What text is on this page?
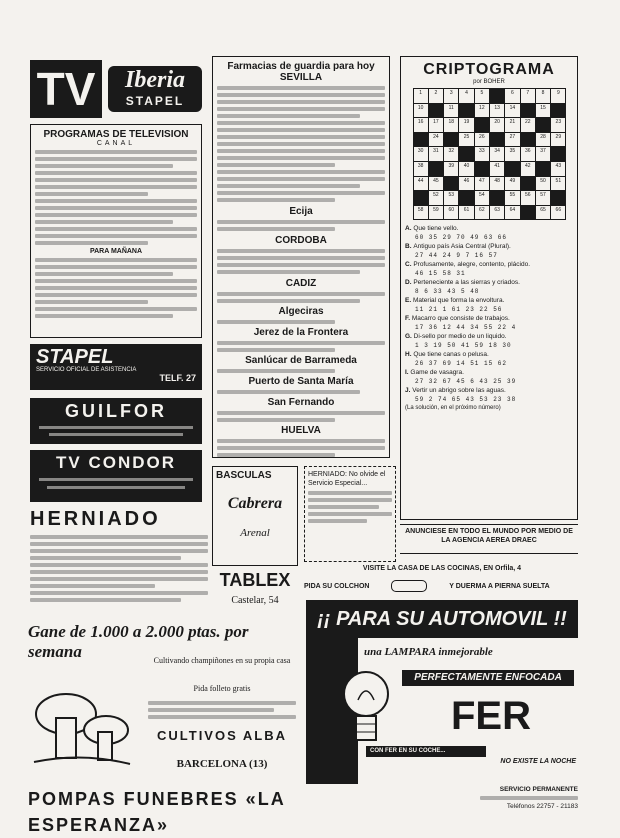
TV	Iberia
STAPEL
PROGRAMAS DE TELEVISION
CANAL
PARA MAÑANA
STAPEL
SERVICIO OFICIAL DE ASISTENCIA
TELF. 27
GUILFOR
TV CONDOR
HERNIADO
Farmacias de guardia para hoy
SEVILLA
Ecija
CORDOBA
CADIZ
Algeciras
Jerez de la Frontera
Sanlúcar de Barrameda
Puerto de Santa María
San Fernando
HUELVA
BASCULAS
Cabrera
Arenal
TABLEX
Castelar, 54
HERNIADO: No olvide el Servicio Especial...
CRIPTOGRAMA
por BOHER
1	2	3	4	5	6	7	8	9
10	11	12	13	14	15
16	17	18	19	20	21	22	23
24	25	26	27	28	29
30	31	32	33	34	35	36	37
38	39	40	41	42	43
44	45	46	47	48	49	50	51
52	53	54	55	56	57
58	59	60	61	62	63	64	65	66
A. Que tiene vello.
60 35 29 70 49 63 66
B. Antiguo país Asia Central (Plural).
27 44 24 9 7 16 57
C. Profusamente, alegre, contento, plácido.
46 15 58 31
D. Perteneciente a las sierras y criados.
8 6 33 43 5 48
E. Material que forma la envoltura.
11 21 1 61 23 22 56
F. Macarro que consiste de trabajos.
17 36 12 44 34 55 22 4
G. Di-sello por medio de un liquido.
1 3 19 50 41 59 18 30
H. Que tiene canas o pelusa.
26 37 69 14 51 15 62
I. Game de vasagra.
27 32 67 45 6 43 25 39
J. Vertir un abrigo sobre las aguas.
59 2 74 65 43 53 23 38
(La solución, en el próximo número)
ANUNCIESE EN TODO EL MUNDO POR MEDIO DE LA AGENCIA AEREA DRAEC
VISITE LA CASA DE LAS COCINAS, EN Orfila, 4
PIDA SU COLCHON	Y DUERMA A PIERNA SUELTA
Gane de 1.000 a 2.000 ptas. por semana	Cultivando champiñones en su propia casa
Pida folleto gratis
CULTIVOS ALBA
BARCELONA (13)
¡¡ PARA SU AUTOMOVIL !!
una LAMPARA inmejorable
PERFECTAMENTE ENFOCADA
FER
CON FER EN SU COCHE...
NO EXISTE LA NOCHE
POMPAS FUNEBRES «LA ESPERANZA»
SERVICIO PERMANENTE
Teléfonos 22757 - 21183
